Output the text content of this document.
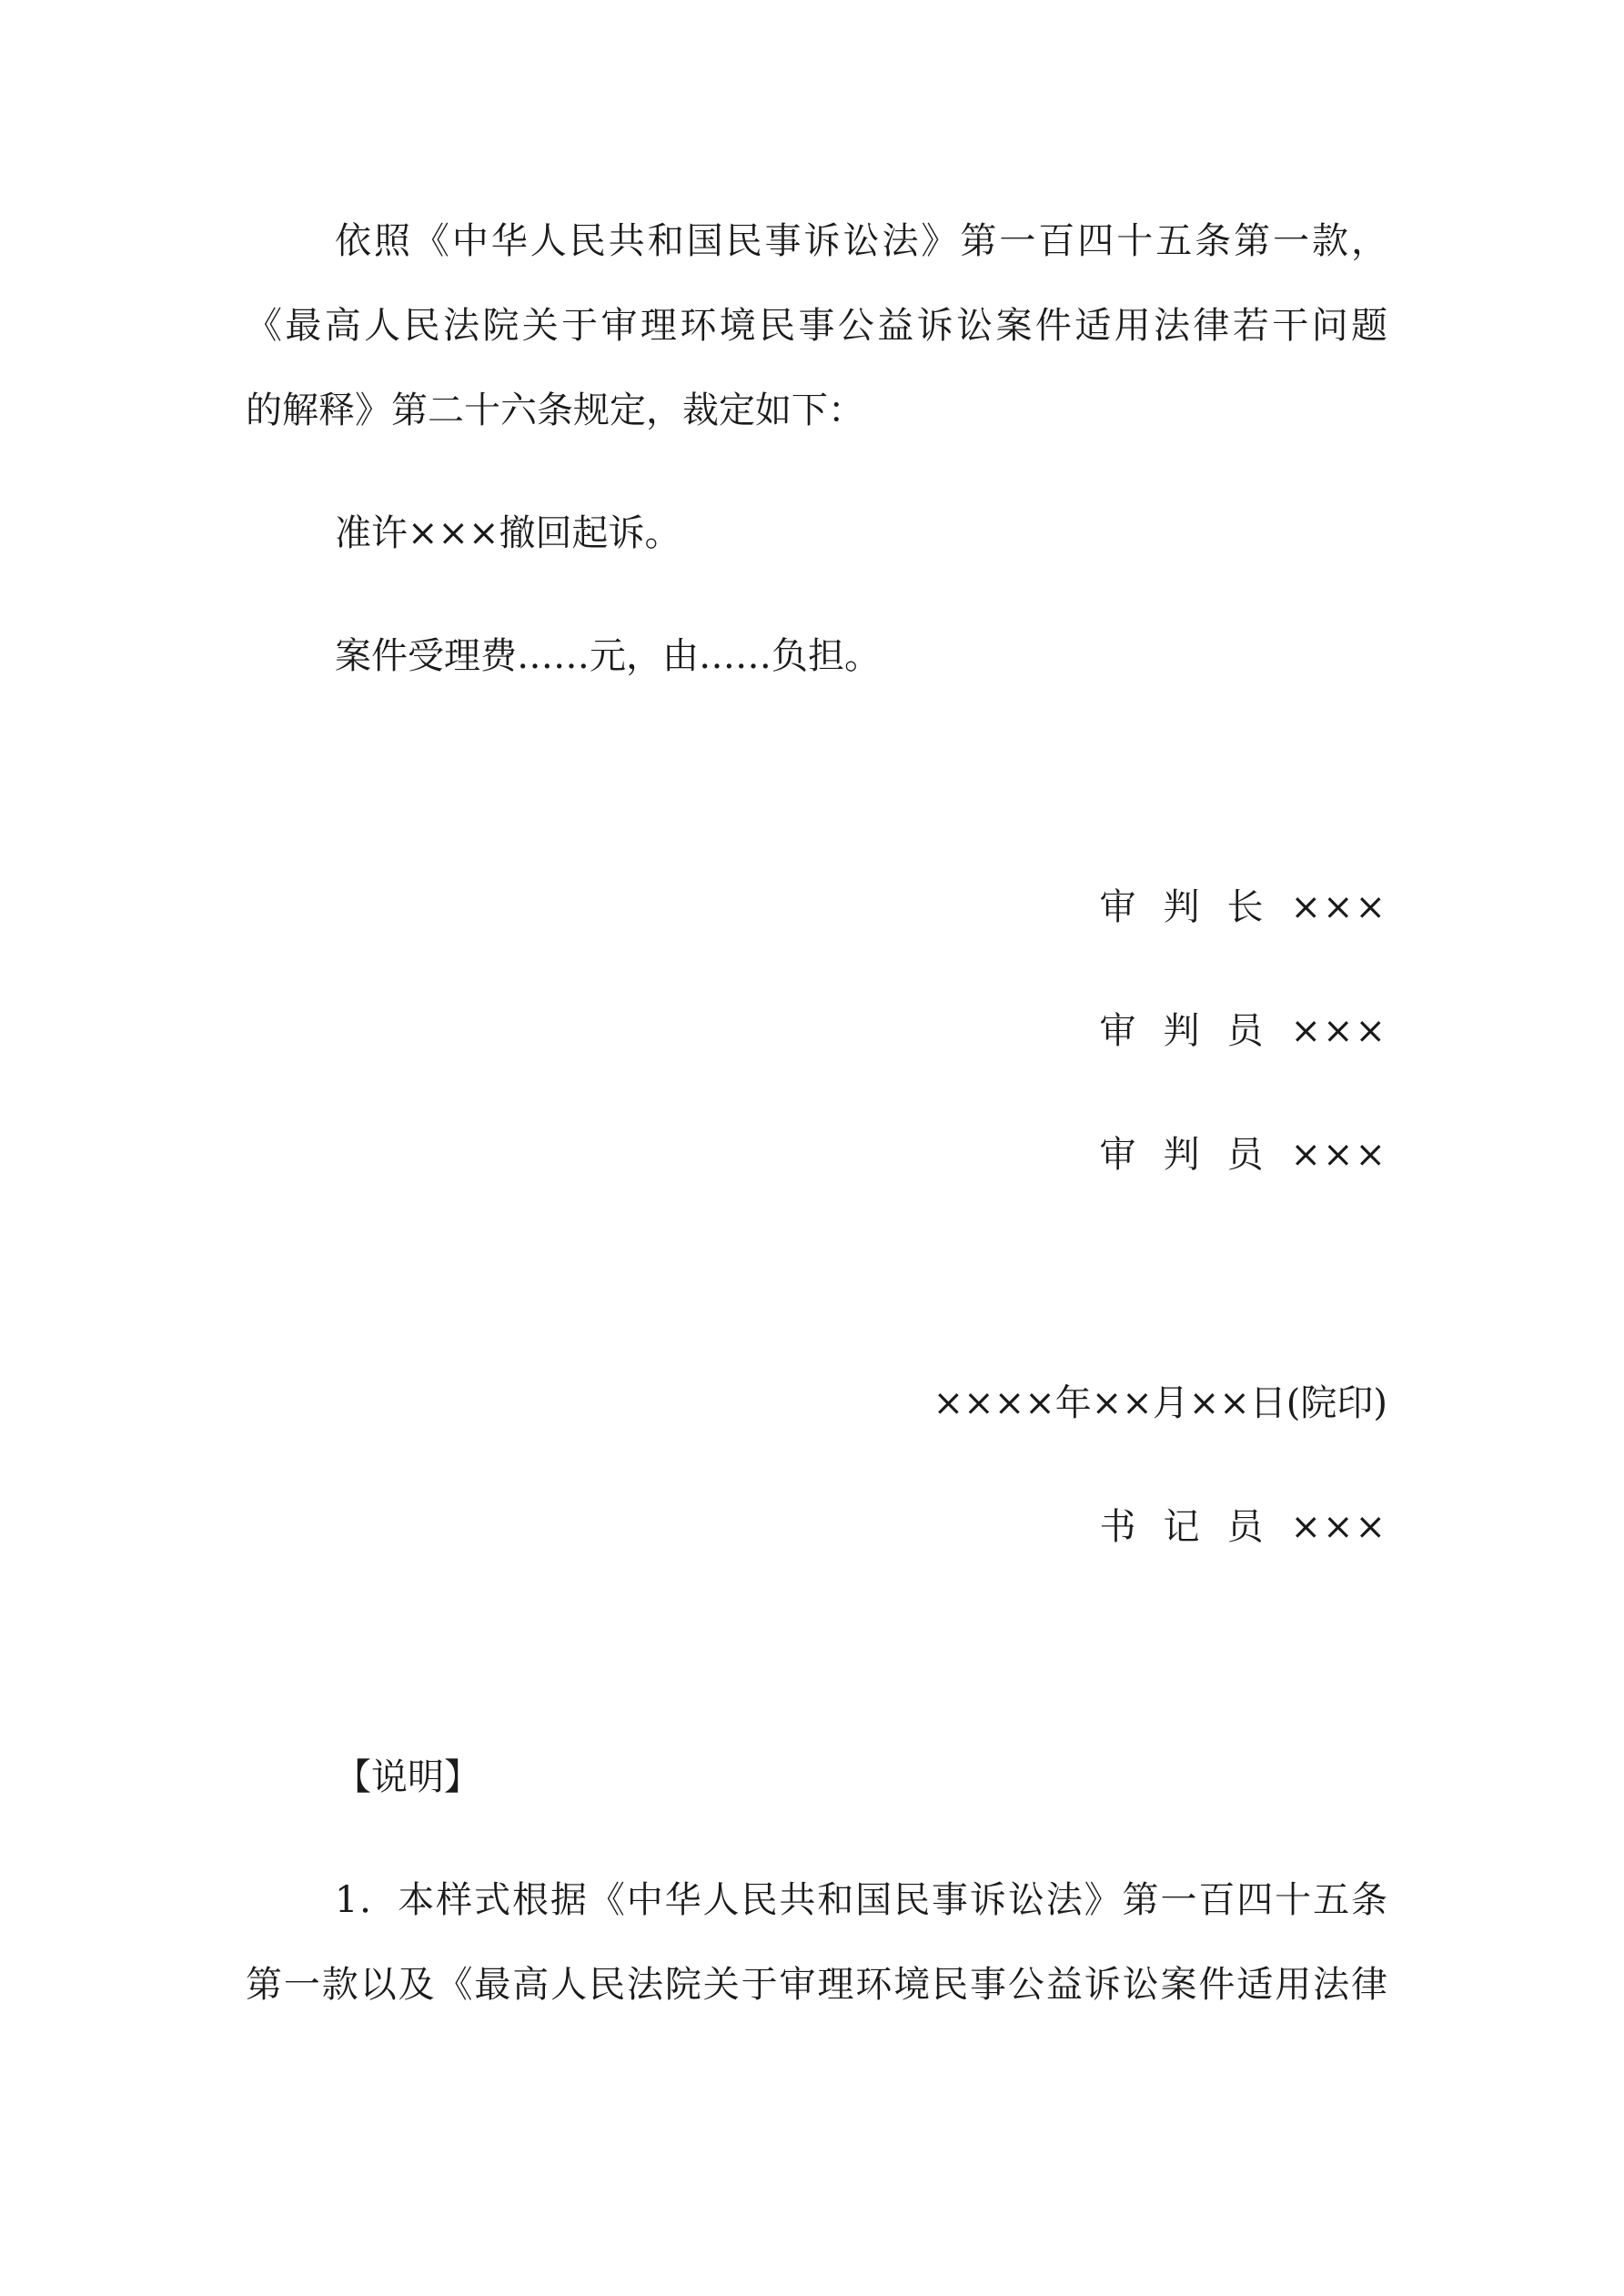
依照《中华人民共和国民事诉讼法》第一百四十五条第一款，
《最高人民法院关于审理环境民事公益诉讼案件适用法律若干问题
的解释》第二十六条规定，裁定如下：
准许×××撤回起诉。
案件受理费……元，由……负担。
审判长×××
审判员×××
审判员×××
××××年××月××日(院印)
书记员×××
【说明】
1．本样式根据《中华人民共和国民事诉讼法》第一百四十五条
第一款以及《最高人民法院关于审理环境民事公益诉讼案件适用法律
